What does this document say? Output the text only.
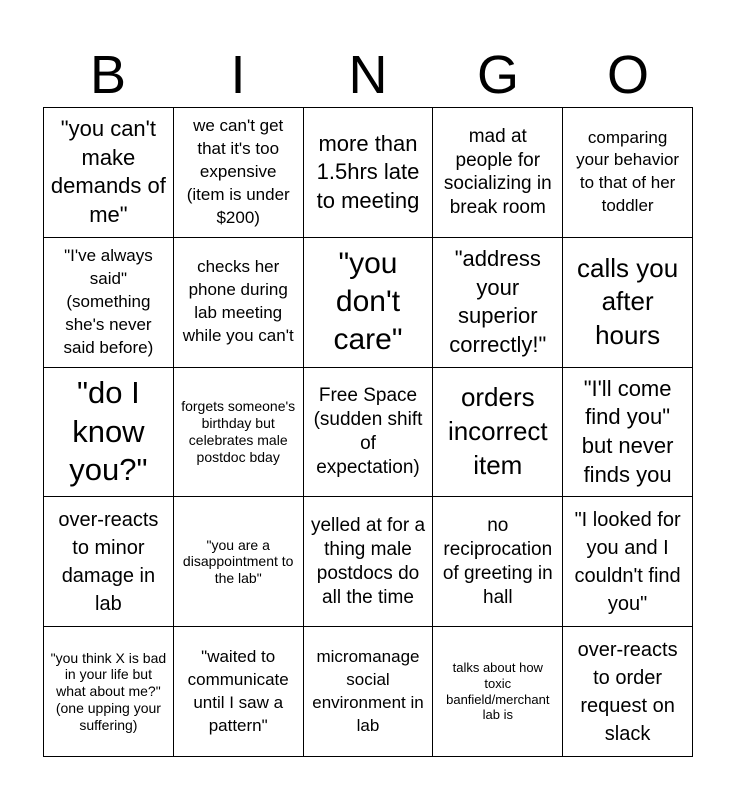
B	I	N	G	O
"you can't make demands of me"
we can't get that it's too expensive (item is under $200)
more than 1.5hrs late to meeting
mad at people for socializing in break room
comparing your behavior to that of her toddler
"I've always said" (something she's never said before)
checks her phone during lab meeting while you can't
"you don't care"
"address your superior correctly!"
calls you after hours
"do I know you?"
forgets someone's birthday but celebrates male postdoc bday
Free Space (sudden shift of expectation)
orders incorrect item
"I'll come find you" but never finds you
over-reacts to minor damage in lab
"you are a disappointment to the lab"
yelled at for a thing male postdocs do all the time
no reciprocation of greeting in hall
"I looked for you and I couldn't find you"
"you think X is bad in your life but what about me?" (one upping your suffering)
"waited to communicate until I saw a pattern"
micromanage social environment in lab
talks about how toxic banfield/merchant lab is
over-reacts to order request on slack
